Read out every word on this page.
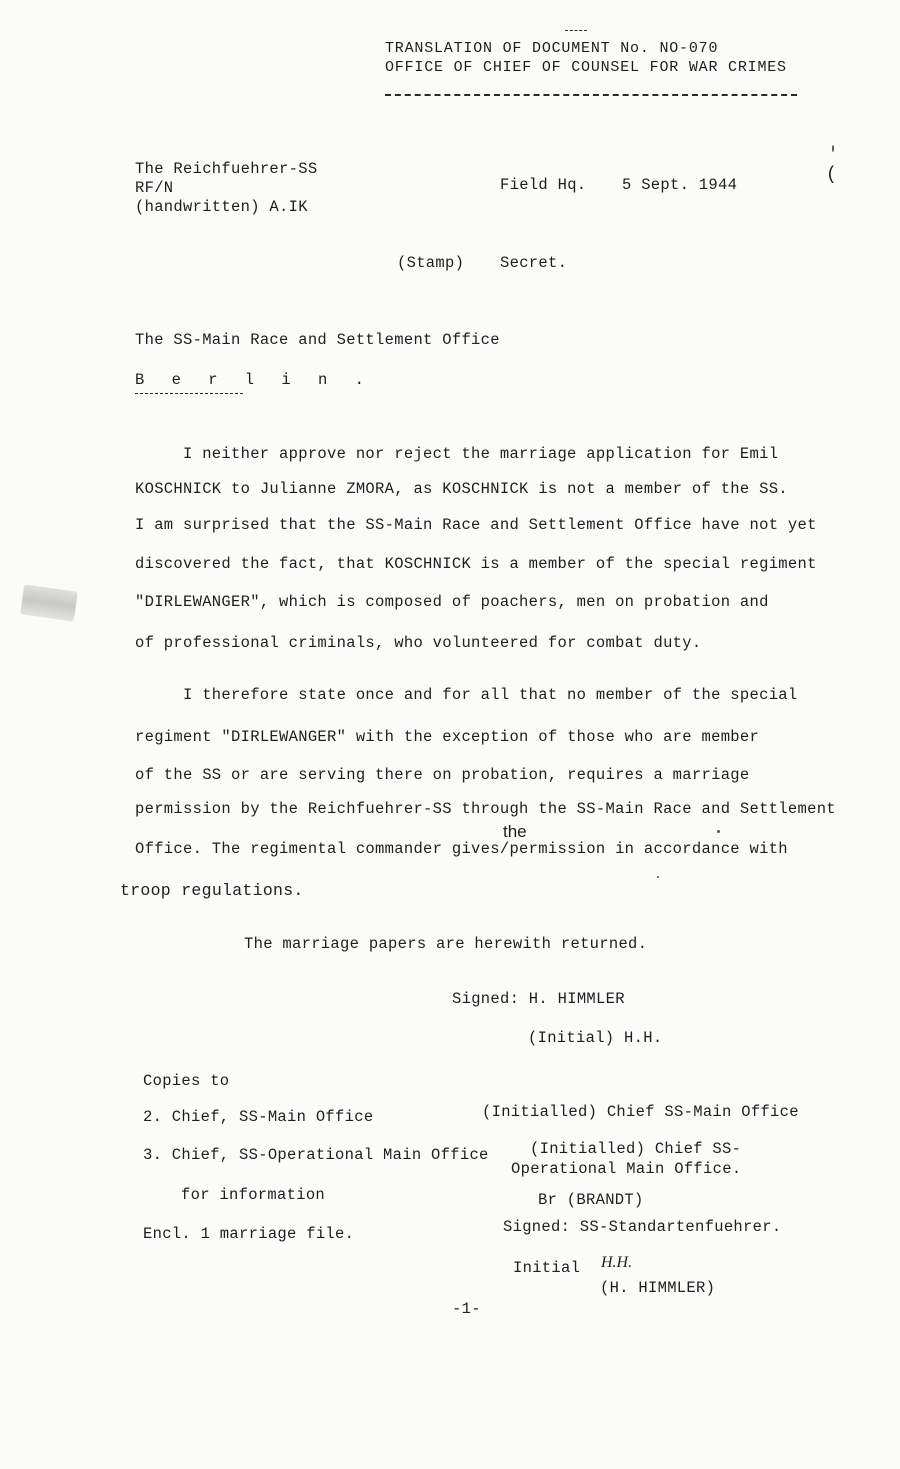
TRANSLATION OF DOCUMENT No. NO-070
OFFICE OF CHIEF OF COUNSEL FOR WAR CRIMES
The Reichfuehrer-SS
RF/N
(handwritten) A.IK
Field Hq. 5 Sept. 1944	(
(Stamp) Secret.
The SS-Main Race and Settlement Office
B e r l i n .
I neither approve nor reject the marriage application for Emil
KOSCHNICK to Julianne ZMORA, as KOSCHNICK is not a member of the SS.
I am surprised that the SS-Main Race and Settlement Office have not yet
discovered the fact, that KOSCHNICK is a member of the special regiment
"DIRLEWANGER", which is composed of poachers, men on probation and
of professional criminals, who volunteered for combat duty.
I therefore state once and for all that no member of the special
regiment "DIRLEWANGER" with the exception of those who are member
of the SS or are serving there on probation, requires a marriage
permission by the Reichfuehrer-SS through the SS-Main Race and Settlement
the
Office. The regimental commander gives/permission in accordance with
troop regulations.
The marriage papers are herewith returned.
Signed: H. HIMMLER
(Initial) H.H.
Copies to
2. Chief, SS-Main Office	(Initialled) Chief SS-Main Office
3. Chief, SS-Operational Main Office	(Initialled) Chief SS-
Operational Main Office.
for information	Br (BRANDT)
Encl. 1 marriage file.	Signed: SS-Standartenfuehrer.
Initial H.H.
(H. HIMMLER)
-1-
